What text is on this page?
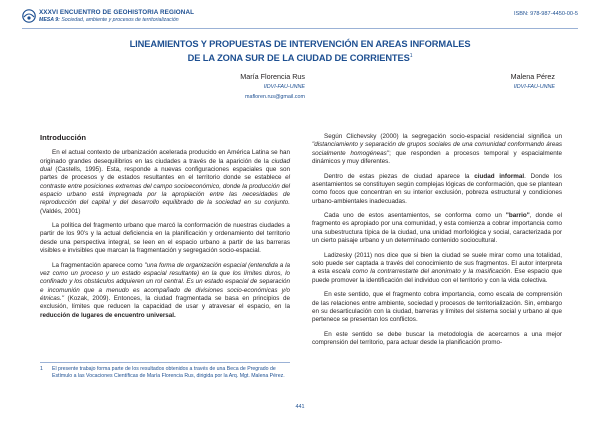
XXXVI ENCUENTRO DE GEOHISTORIA REGIONAL
MESA 9: Sociedad, ambiente y procesos de territorialización
ISBN: 978-987-4450-00-5
LINEAMIENTOS Y PROPUESTAS DE INTERVENCIÓN EN AREAS INFORMALES
DE LA ZONA SUR DE LA CIUDAD DE CORRIENTES$^1$
María Florencia Rus
IIDVI-FAU-UNNE
mafloren.rus@gmail.com
Malena Pérez
IIDVI-FAU-UNNE

Introducción

En el actual contexto de urbanización acelerada producido en América Latina se han originado grandes desequilibrios en las ciudades a través de la aparición de la ciudad dual (Castells, 1995). Esta, responde a nuevas configuraciones espaciales que son partes de procesos y de estados resultantes en el territorio donde se establece el contraste entre posiciones extremas del campo socioeconómico, donde la producción del espacio urbano está impregnada por la apropiación entre las necesidades de reproducción del capital y del desarrollo equilibrado de la sociedad en su conjunto. (Valdés, 2001)

La política del fragmento urbano que marcó la conformación de nuestras ciudades a partir de los 90's y la actual deficiencia en la planificación y ordenamiento del territorio desde una perspectiva integral, se leen en el espacio urbano a partir de las barreras visibles e invisibles que marcan la fragmentación y segregación socio-espacial.

La fragmentación aparece como "una forma de organización espacial (entendida a la vez como un proceso y un estado espacial resultante) en la que los límites duros, lo confinado y los obstáculos adquieren un rol central. Es un estado espacial de separación e incomunión que a menudo es acompañado de divisiones socio-económicas y/o étnicas." (Kozak, 2009). Entonces, la ciudad fragmentada se basa en principios de exclusión, límites que reducen la capacidad de usar y atravesar el espacio, en la reducción de lugares de encuentro universal.

1	El presente trabajo forma parte de los resultados obtenidos a través de una Beca de Pregrado de Estímulo a las Vocaciones Científicas de María Florencia Rus, dirigida por la Arq. Mgt. Malena Pérez.

Según Clichevsky (2000) la segregación socio-espacial residencial significa un "distanciamiento y separación de grupos sociales de una comunidad conformando áreas socialmente homogéneas"; que responden a procesos temporal y espacialmente dinámicos y muy diferentes.

Dentro de estas piezas de ciudad aparece la ciudad informal. Donde los asentamientos se constituyen según complejas lógicas de conformación, que se plantean como focos que concentran en su interior exclusión, pobreza estructural y condiciones urbano-ambientales inadecuadas.

Cada uno de estos asentamientos, se conforma como un "barrio", donde el fragmento es apropiado por una comunidad, y esta comienza a cobrar importancia como una subestructura típica de la ciudad, una unidad morfológica y social, caracterizada por un cierto paisaje urbano y un determinado contenido sociocultural.

Ladizesky (2011) nos dice que si bien la ciudad se suele mirar como una totalidad, solo puede ser captada a través del conocimiento de sus fragmentos. El autor interpreta a esta escala como la contrarrestarte del anonimato y la masificación. Ese espacio que puede promover la identificación del individuo con el territorio y con la vida colectiva.

En este sentido, que el fragmento cobra importancia, como escala de comprensión de las relaciones entre ambiente, sociedad y procesos de territorialización. Sin, embargo en su desarticulación con la ciudad, barreras y límites del sistema social y urbano al que pertenece se presentan los conflictos.

En este sentido se debe buscar la metodología de acercarnos a una mejor comprensión del territorio, para actuar desde la planificación promo-

441
